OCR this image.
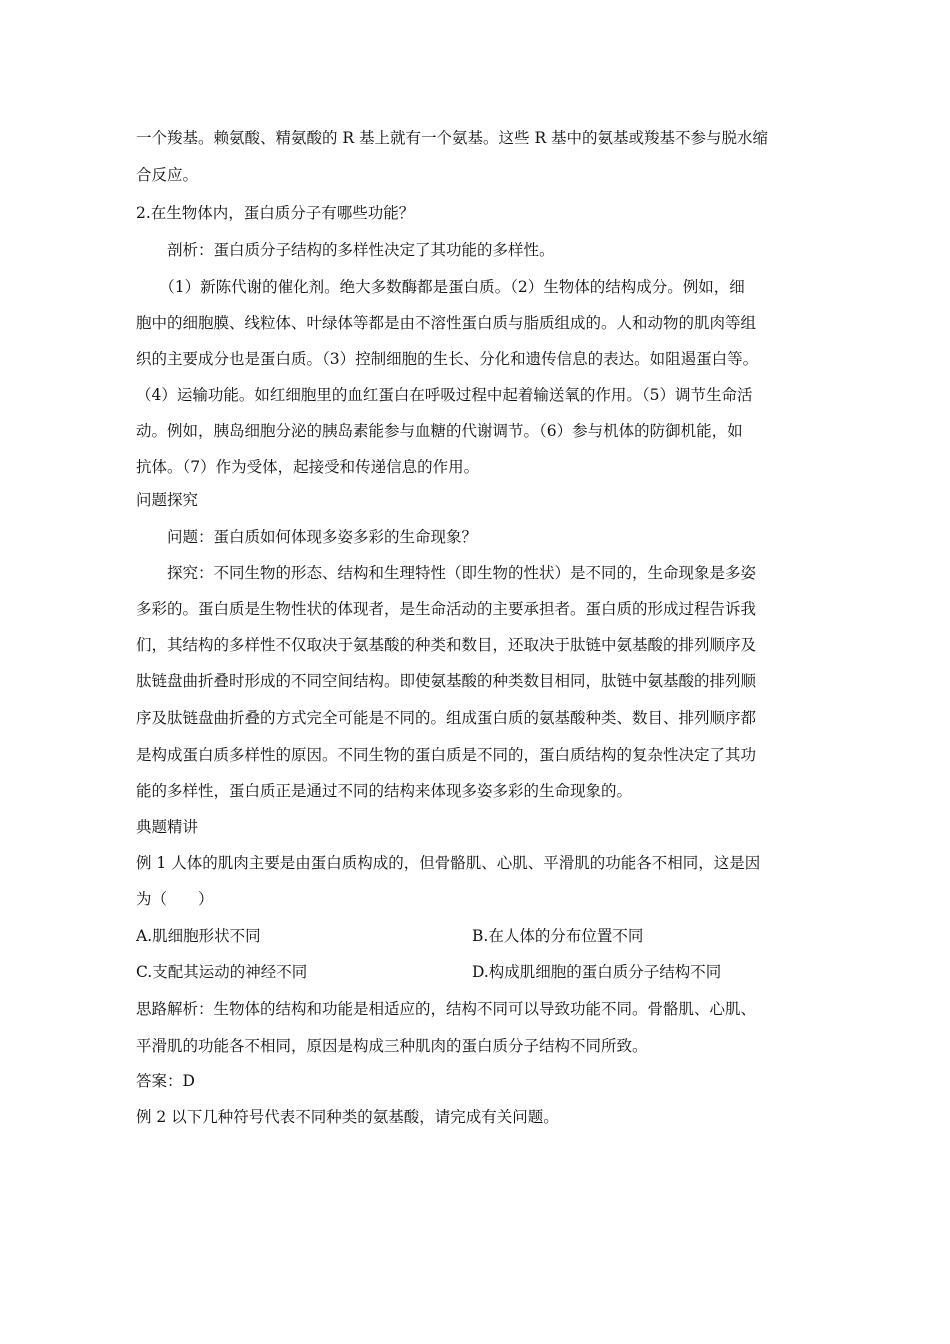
一个羧基。赖氨酸、精氨酸的 R 基上就有一个氨基。这些 R 基中的氨基或羧基不参与脱水缩
合反应。
2.在生物体内，蛋白质分子有哪些功能？
　　剖析：蛋白质分子结构的多样性决定了其功能的多样性。
　　（1）新陈代谢的催化剂。绝大多数酶都是蛋白质。（2）生物体的结构成分。例如，细
胞中的细胞膜、线粒体、叶绿体等都是由不溶性蛋白质与脂质组成的。人和动物的肌肉等组
织的主要成分也是蛋白质。（3）控制细胞的生长、分化和遗传信息的表达。如阻遏蛋白等。
（4）运输功能。如红细胞里的血红蛋白在呼吸过程中起着输送氧的作用。（5）调节生命活
动。例如，胰岛细胞分泌的胰岛素能参与血糖的代谢调节。（6）参与机体的防御机能，如
抗体。（7）作为受体，起接受和传递信息的作用。
问题探究
　　问题：蛋白质如何体现多姿多彩的生命现象？
　　探究：不同生物的形态、结构和生理特性（即生物的性状）是不同的，生命现象是多姿
多彩的。蛋白质是生物性状的体现者，是生命活动的主要承担者。蛋白质的形成过程告诉我
们，其结构的多样性不仅取决于氨基酸的种类和数目，还取决于肽链中氨基酸的排列顺序及
肽链盘曲折叠时形成的不同空间结构。即使氨基酸的种类数目相同，肽链中氨基酸的排列顺
序及肽链盘曲折叠的方式完全可能是不同的。组成蛋白质的氨基酸种类、数目、排列顺序都
是构成蛋白质多样性的原因。不同生物的蛋白质是不同的，蛋白质结构的复杂性决定了其功
能的多样性，蛋白质正是通过不同的结构来体现多姿多彩的生命现象的。
典题精讲
例 1 人体的肌肉主要是由蛋白质构成的，但骨骼肌、心肌、平滑肌的功能各不相同，这是因
为（　　）
A.肌细胞形状不同	B.在人体的分布位置不同
C.支配其运动的神经不同	D.构成肌细胞的蛋白质分子结构不同
思路解析：生物体的结构和功能是相适应的，结构不同可以导致功能不同。骨骼肌、心肌、
平滑肌的功能各不相同，原因是构成三种肌肉的蛋白质分子结构不同所致。
答案：D
例 2 以下几种符号代表不同种类的氨基酸，请完成有关问题。
